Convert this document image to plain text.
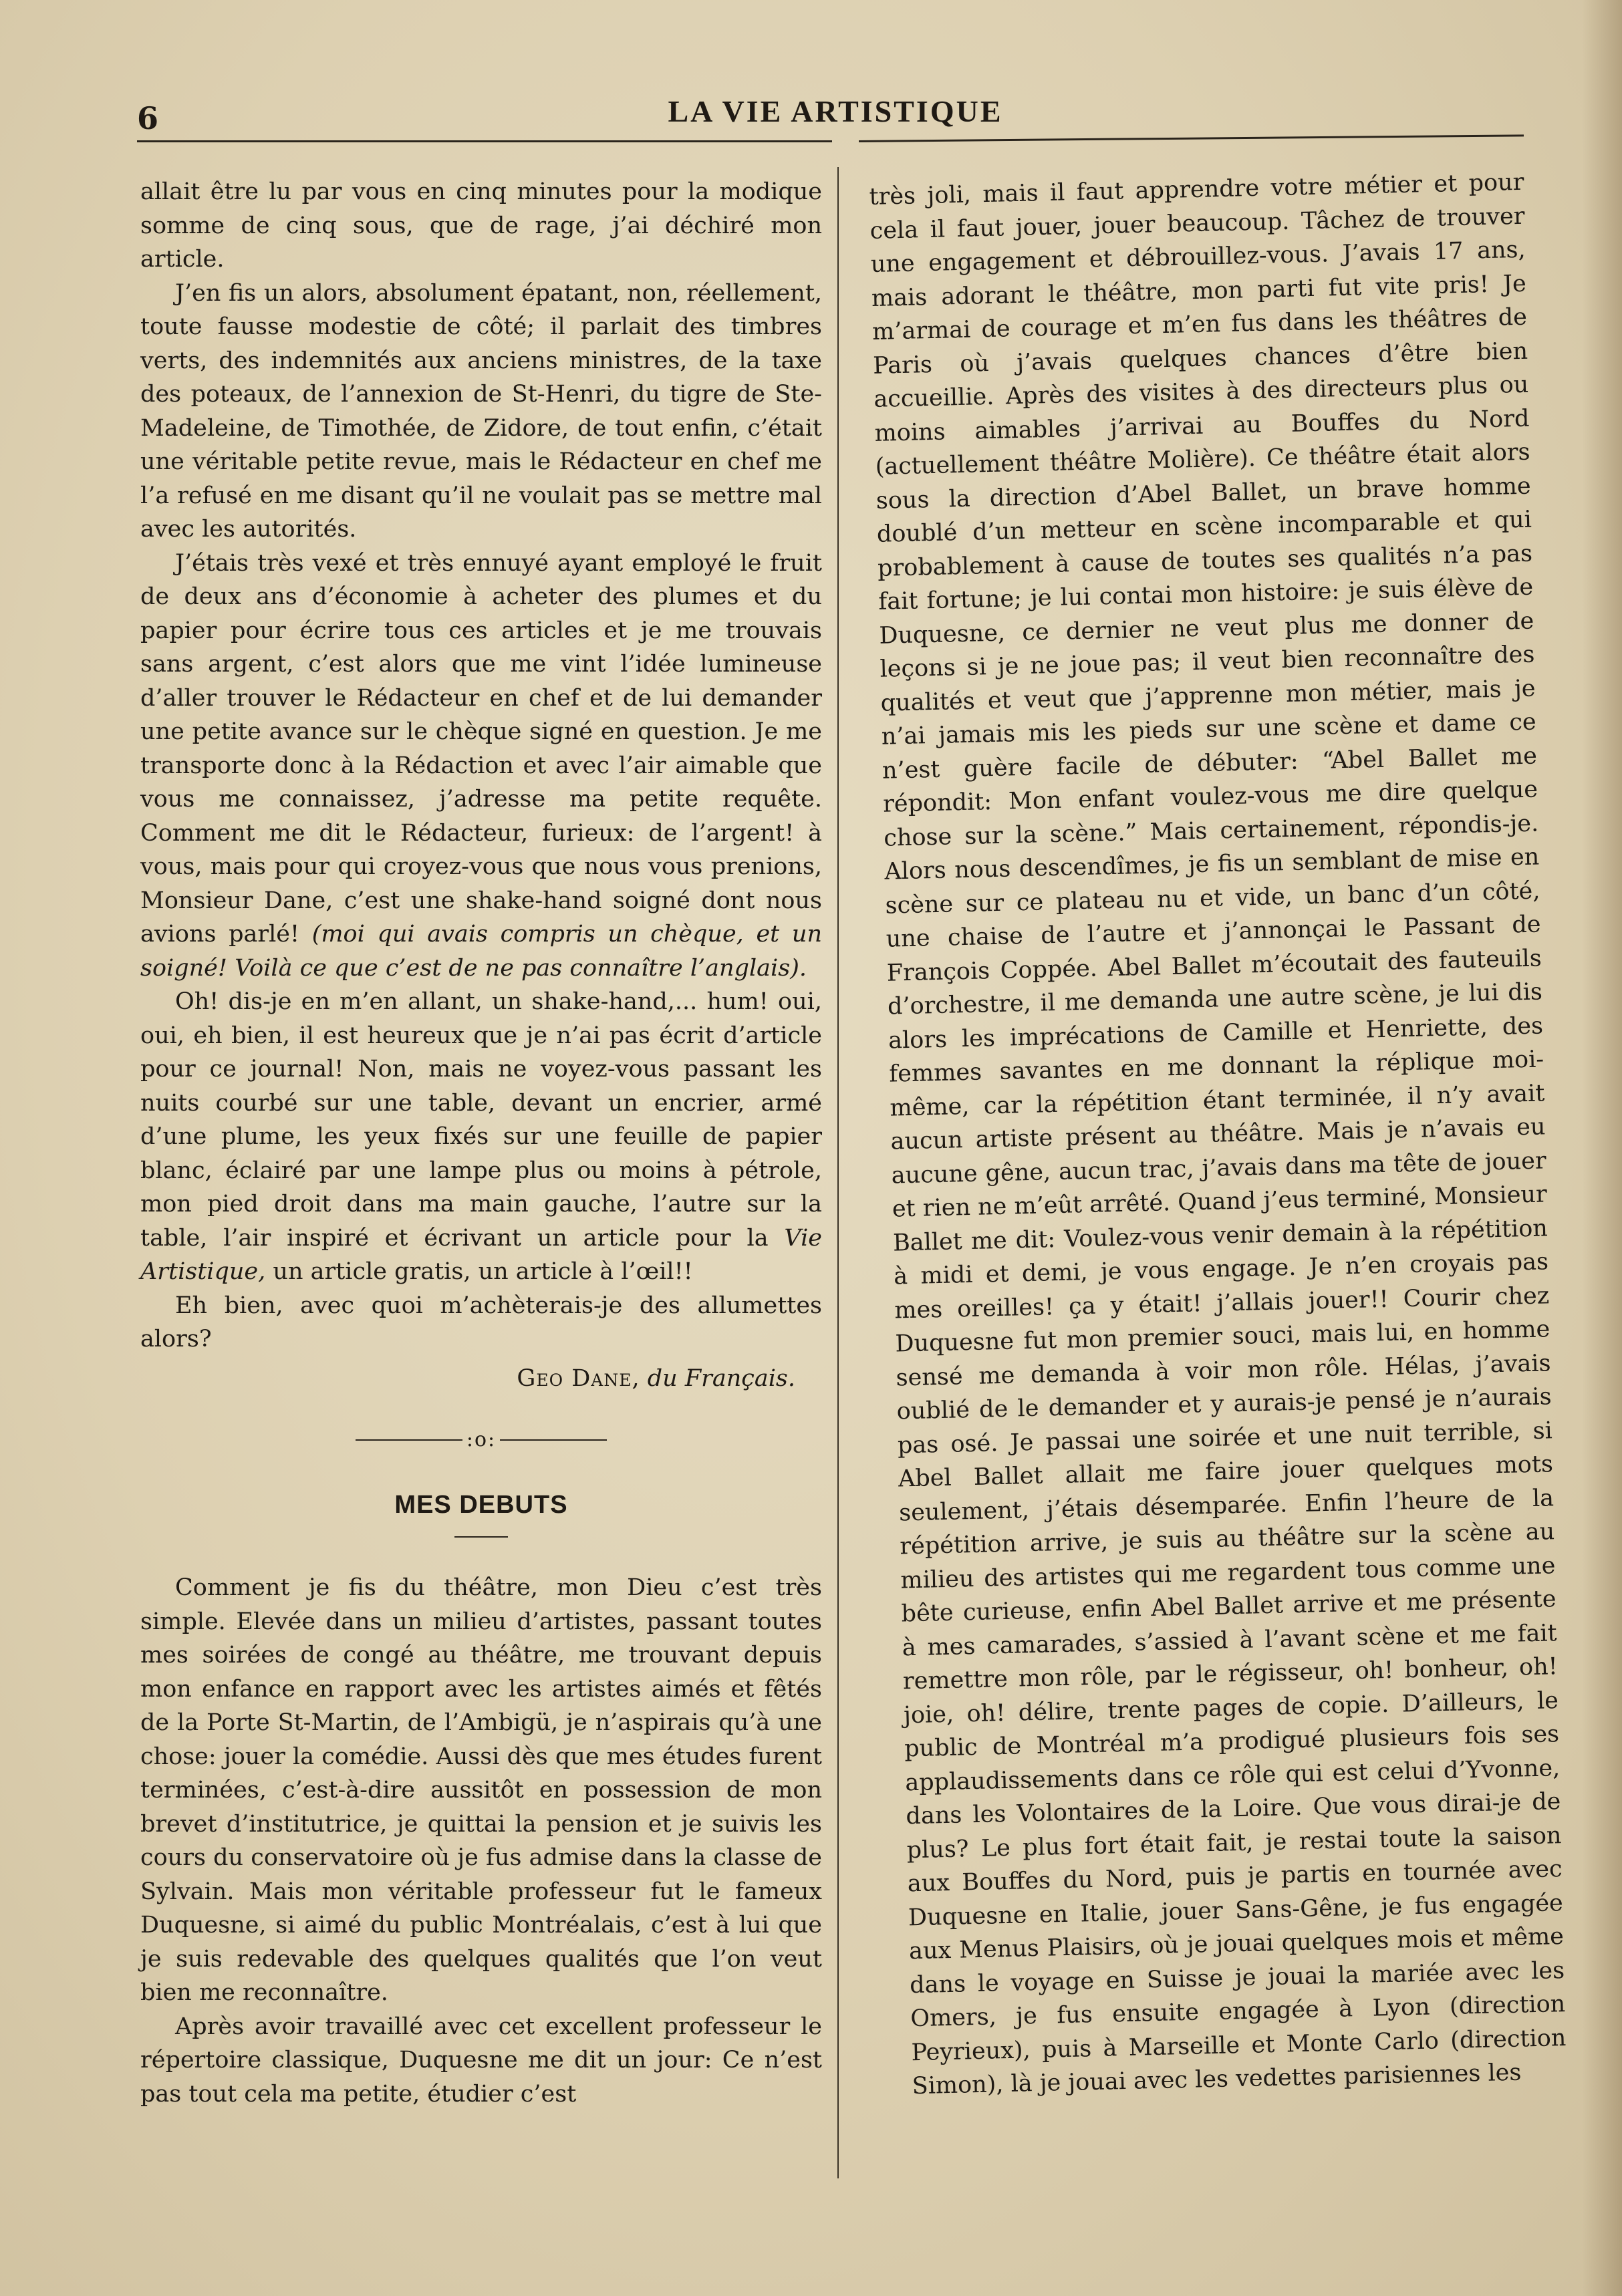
6	LA VIE ARTISTIQUE

allait être lu par vous en cinq minutes pour la modique somme de cinq sous, que de rage, j’ai déchiré mon article.

J’en fis un alors, absolument épatant, non, réellement, toute fausse modestie de côté; il parlait des timbres verts, des indemnités aux anciens ministres, de la taxe des poteaux, de l’annexion de St-Henri, du tigre de Ste-Madeleine, de Timothée, de Zidore, de tout enfin, c’était une véritable petite revue, mais le Rédacteur en chef me l’a refusé en me disant qu’il ne voulait pas se mettre mal avec les autorités.

J’étais très vexé et très ennuyé ayant employé le fruit de deux ans d’économie à acheter des plumes et du papier pour écrire tous ces articles et je me trouvais sans argent, c’est alors que me vint l’idée lumineuse d’aller trouver le Rédacteur en chef et de lui demander une petite avance sur le chèque signé en question. Je me transporte donc à la Rédaction et avec l’air aimable que vous me connaissez, j’adresse ma petite requête. Comment me dit le Rédacteur, furieux: de l’argent! à vous, mais pour qui croyez-vous que nous vous prenions, Monsieur Dane, c’est une shake-hand soigné dont nous avions parlé! (moi qui avais compris un chèque, et un soigné! Voilà ce que c’est de ne pas connaître l’anglais).

Oh! dis-je en m’en allant, un shake-hand,... hum! oui, oui, eh bien, il est heureux que je n’ai pas écrit d’article pour ce journal! Non, mais ne voyez-vous passant les nuits courbé sur une table, devant un encrier, armé d’une plume, les yeux fixés sur une feuille de papier blanc, éclairé par une lampe plus ou moins à pétrole, mon pied droit dans ma main gauche, l’autre sur la table, l’air inspiré et écrivant un article pour la Vie Artistique, un article gratis, un article à l’œil!!

Eh bien, avec quoi m’achèterais-je des allumettes alors?

Geo Dane, du Français.
:o:
MES DEBUTS

Comment je fis du théâtre, mon Dieu c’est très simple. Elevée dans un milieu d’artistes, passant toutes mes soirées de congé au théâtre, me trouvant depuis mon enfance en rapport avec les artistes aimés et fêtés de la Porte St-Martin, de l’Ambigü, je n’aspirais qu’à une chose: jouer la comédie. Aussi dès que mes études furent terminées, c’est-à-dire aussitôt en possession de mon brevet d’institutrice, je quittai la pension et je suivis les cours du conservatoire où je fus admise dans la classe de Sylvain. Mais mon véritable professeur fut le fameux Duquesne, si aimé du public Montréalais, c’est à lui que je suis redevable des quelques qualités que l’on veut bien me reconnaître.

Après avoir travaillé avec cet excellent professeur le répertoire classique, Duquesne me dit un jour: Ce n’est pas tout cela ma petite, étudier c’est

très joli, mais il faut apprendre votre métier et pour cela il faut jouer, jouer beaucoup. Tâchez de trouver une engagement et débrouillez-vous. J’avais 17 ans, mais adorant le théâtre, mon parti fut vite pris! Je m’armai de courage et m’en fus dans les théâtres de Paris où j’avais quelques chances d’être bien accueillie. Après des visites à des directeurs plus ou moins aimables j’arrivai au Bouffes du Nord (actuellement théâtre Molière). Ce théâtre était alors sous la direction d’Abel Ballet, un brave homme doublé d’un metteur en scène incomparable et qui probablement à cause de toutes ses qualités n’a pas fait fortune; je lui contai mon histoire: je suis élève de Duquesne, ce dernier ne veut plus me donner de leçons si je ne joue pas; il veut bien reconnaître des qualités et veut que j’apprenne mon métier, mais je n’ai jamais mis les pieds sur une scène et dame ce n’est guère facile de débuter: “Abel Ballet me répondit: Mon enfant voulez-vous me dire quelque chose sur la scène.” Mais certainement, répondis-je. Alors nous descendîmes, je fis un semblant de mise en scène sur ce plateau nu et vide, un banc d’un côté, une chaise de l’autre et j’annonçai le Passant de François Coppée. Abel Ballet m’écoutait des fauteuils d’orchestre, il me demanda une autre scène, je lui dis alors les imprécations de Camille et Henriette, des femmes savantes en me donnant la réplique moi-même, car la répétition étant terminée, il n’y avait aucun artiste présent au théâtre. Mais je n’avais eu aucune gêne, aucun trac, j’avais dans ma tête de jouer et rien ne m’eût arrêté. Quand j’eus terminé, Monsieur Ballet me dit: Voulez-vous venir demain à la répétition à midi et demi, je vous engage. Je n’en croyais pas mes oreilles! ça y était! j’allais jouer!! Courir chez Duquesne fut mon premier souci, mais lui, en homme sensé me demanda à voir mon rôle. Hélas, j’avais oublié de le demander et y aurais-je pensé je n’aurais pas osé. Je passai une soirée et une nuit terrible, si Abel Ballet allait me faire jouer quelques mots seulement, j’étais désemparée. Enfin l’heure de la répétition arrive, je suis au théâtre sur la scène au milieu des artistes qui me regardent tous comme une bête curieuse, enfin Abel Ballet arrive et me présente à mes camarades, s’assied à l’avant scène et me fait remettre mon rôle, par le régisseur, oh! bonheur, oh! joie, oh! délire, trente pages de copie. D’ailleurs, le public de Montréal m’a prodigué plusieurs fois ses applaudissements dans ce rôle qui est celui d’Yvonne, dans les Volontaires de la Loire. Que vous dirai-je de plus? Le plus fort était fait, je restai toute la saison aux Bouffes du Nord, puis je partis en tournée avec Duquesne en Italie, jouer Sans-Gêne, je fus engagée aux Menus Plaisirs, où je jouai quelques mois et même dans le voyage en Suisse je jouai la mariée avec les Omers, je fus ensuite engagée à Lyon (direction Peyrieux), puis à Marseille et Monte Carlo (direction Simon), là je jouai avec les vedettes parisiennes les
